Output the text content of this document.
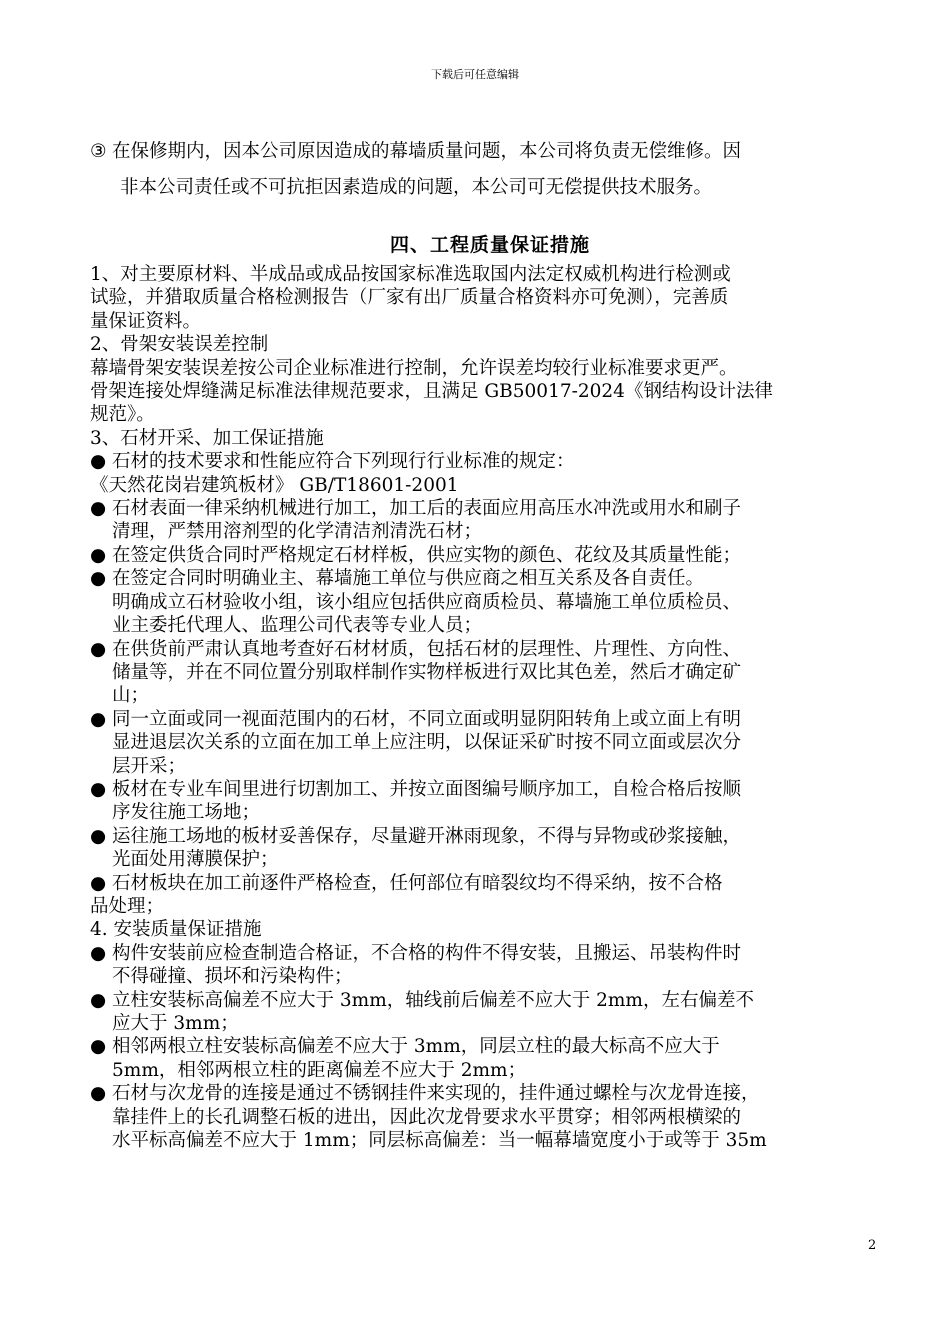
下载后可任意编辑

③ 在保修期内，因本公司原因造成的幕墙质量问题，本公司将负责无偿维修。因

非本公司责任或不可抗拒因素造成的问题，本公司可无偿提供技术服务。

四、工程质量保证措施
1、对主要原材料、半成品或成品按国家标准选取国内法定权威机构进行检测或
试验，并猎取质量合格检测报告（厂家有出厂质量合格资料亦可免测），完善质
量保证资料。
2、骨架安装误差控制
幕墙骨架安装误差按公司企业标准进行控制，允许误差均较行业标准要求更严。
骨架连接处焊缝满足标准法律规范要求，且满足 GB50017-2024《钢结构设计法律
规范》。
3、石材开采、加工保证措施
● 石材的技术要求和性能应符合下列现行行业标准的规定：
《天然花岗岩建筑板材》 GB/T18601-2001
● 石材表面一律采纳机械进行加工，加工后的表面应用高压水冲洗或用水和刷子
清理，严禁用溶剂型的化学清洁剂清洗石材；
● 在签定供货合同时严格规定石材样板，供应实物的颜色、花纹及其质量性能；
● 在签定合同时明确业主、幕墙施工单位与供应商之相互关系及各自责任。
明确成立石材验收小组，该小组应包括供应商质检员、幕墙施工单位质检员、
业主委托代理人、监理公司代表等专业人员；
● 在供货前严肃认真地考查好石材材质，包括石材的层理性、片理性、方向性、
储量等，并在不同位置分别取样制作实物样板进行双比其色差，然后才确定矿
山；
● 同一立面或同一视面范围内的石材，不同立面或明显阴阳转角上或立面上有明
显进退层次关系的立面在加工单上应注明，以保证采矿时按不同立面或层次分
层开采；
● 板材在专业车间里进行切割加工、并按立面图编号顺序加工，自检合格后按顺
序发往施工场地；
● 运往施工场地的板材妥善保存，尽量避开淋雨现象，不得与异物或砂浆接触，
光面处用薄膜保护；
● 石材板块在加工前逐件严格检查，任何部位有暗裂纹均不得采纳，按不合格
品处理；
4. 安装质量保证措施
● 构件安装前应检查制造合格证，不合格的构件不得安装，且搬运、吊装构件时
不得碰撞、损坏和污染构件；
● 立柱安装标高偏差不应大于 3mm，轴线前后偏差不应大于 2mm，左右偏差不
应大于 3mm；
● 相邻两根立柱安装标高偏差不应大于 3mm，同层立柱的最大标高不应大于
5mm，相邻两根立柱的距离偏差不应大于 2mm；
● 石材与次龙骨的连接是通过不锈钢挂件来实现的，挂件通过螺栓与次龙骨连接，
靠挂件上的长孔调整石板的进出，因此次龙骨要求水平贯穿；相邻两根横梁的
水平标高偏差不应大于 1mm；同层标高偏差：当一幅幕墙宽度小于或等于 35m
2
